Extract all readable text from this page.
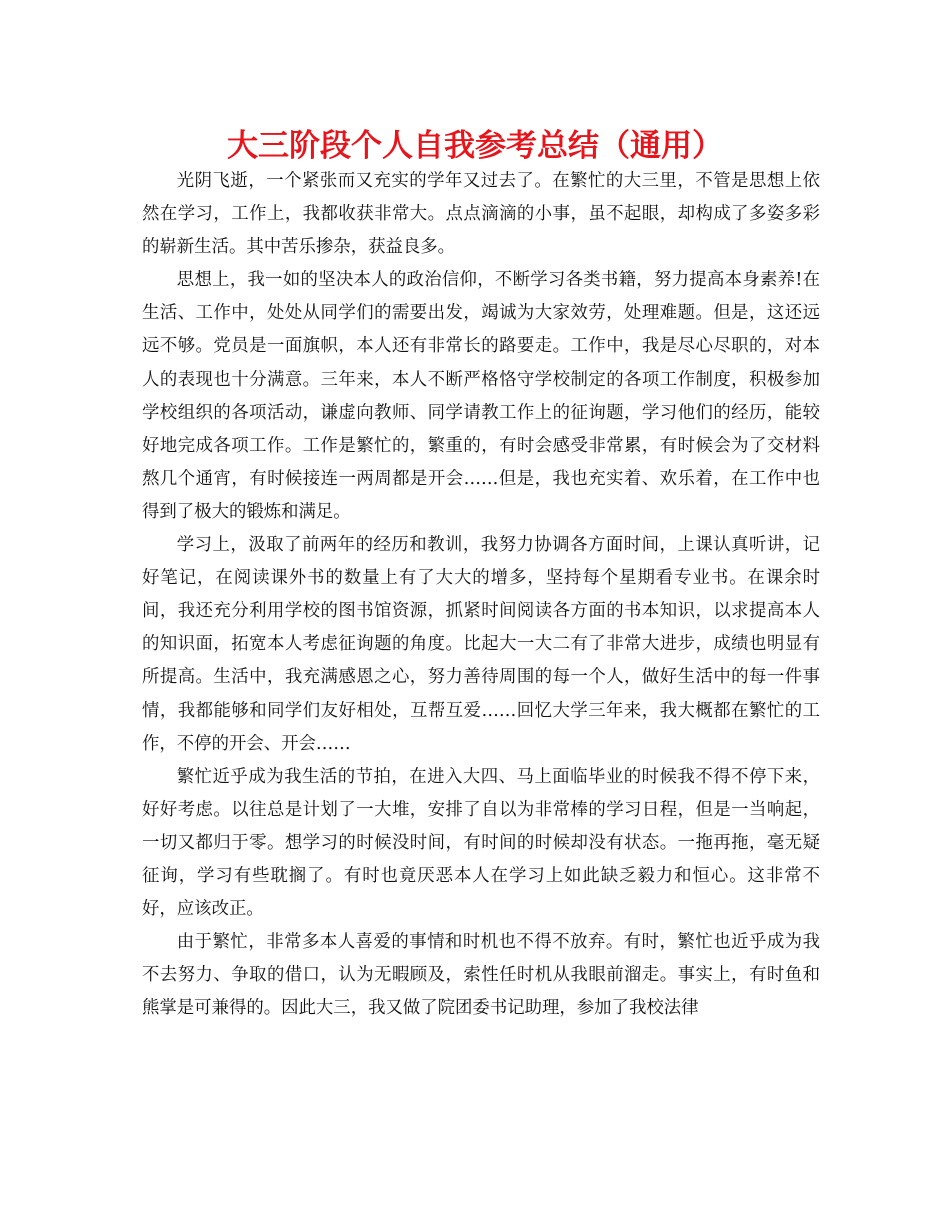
大三阶段个人自我参考总结（通用）

光阴飞逝，一个紧张而又充实的学年又过去了。在繁忙的大三里，不管是思想上依然在学习，工作上，我都收获非常大。点点滴滴的小事，虽不起眼，却构成了多姿多彩的崭新生活。其中苦乐掺杂，获益良多。

思想上，我一如的坚决本人的政治信仰，不断学习各类书籍，努力提高本身素养!在生活、工作中，处处从同学们的需要出发，竭诚为大家效劳，处理难题。但是，这还远远不够。党员是一面旗帜，本人还有非常长的路要走。工作中，我是尽心尽职的，对本人的表现也十分满意。三年来，本人不断严格恪守学校制定的各项工作制度，积极参加学校组织的各项活动，谦虚向教师、同学请教工作上的征询题，学习他们的经历，能较好地完成各项工作。工作是繁忙的，繁重的，有时会感受非常累，有时候会为了交材料熬几个通宵，有时候接连一两周都是开会……但是，我也充实着、欢乐着，在工作中也得到了极大的锻炼和满足。

学习上，汲取了前两年的经历和教训，我努力协调各方面时间，上课认真听讲，记好笔记，在阅读课外书的数量上有了大大的增多，坚持每个星期看专业书。在课余时间，我还充分利用学校的图书馆资源，抓紧时间阅读各方面的书本知识，以求提高本人的知识面，拓宽本人考虑征询题的角度。比起大一大二有了非常大进步，成绩也明显有所提高。生活中，我充满感恩之心，努力善待周围的每一个人，做好生活中的每一件事情，我都能够和同学们友好相处，互帮互爱……回忆大学三年来，我大概都在繁忙的工作，不停的开会、开会……

繁忙近乎成为我生活的节拍，在进入大四、马上面临毕业的时候我不得不停下来，好好考虑。以往总是计划了一大堆，安排了自以为非常棒的学习日程，但是一当响起，一切又都归于零。想学习的时候没时间，有时间的时候却没有状态。一拖再拖，毫无疑征询，学习有些耽搁了。有时也竟厌恶本人在学习上如此缺乏毅力和恒心。这非常不好，应该改正。

由于繁忙，非常多本人喜爱的事情和时机也不得不放弃。有时，繁忙也近乎成为我不去努力、争取的借口，认为无暇顾及，索性任时机从我眼前溜走。事实上，有时鱼和熊掌是可兼得的。因此大三，我又做了院团委书记助理，参加了我校法律
